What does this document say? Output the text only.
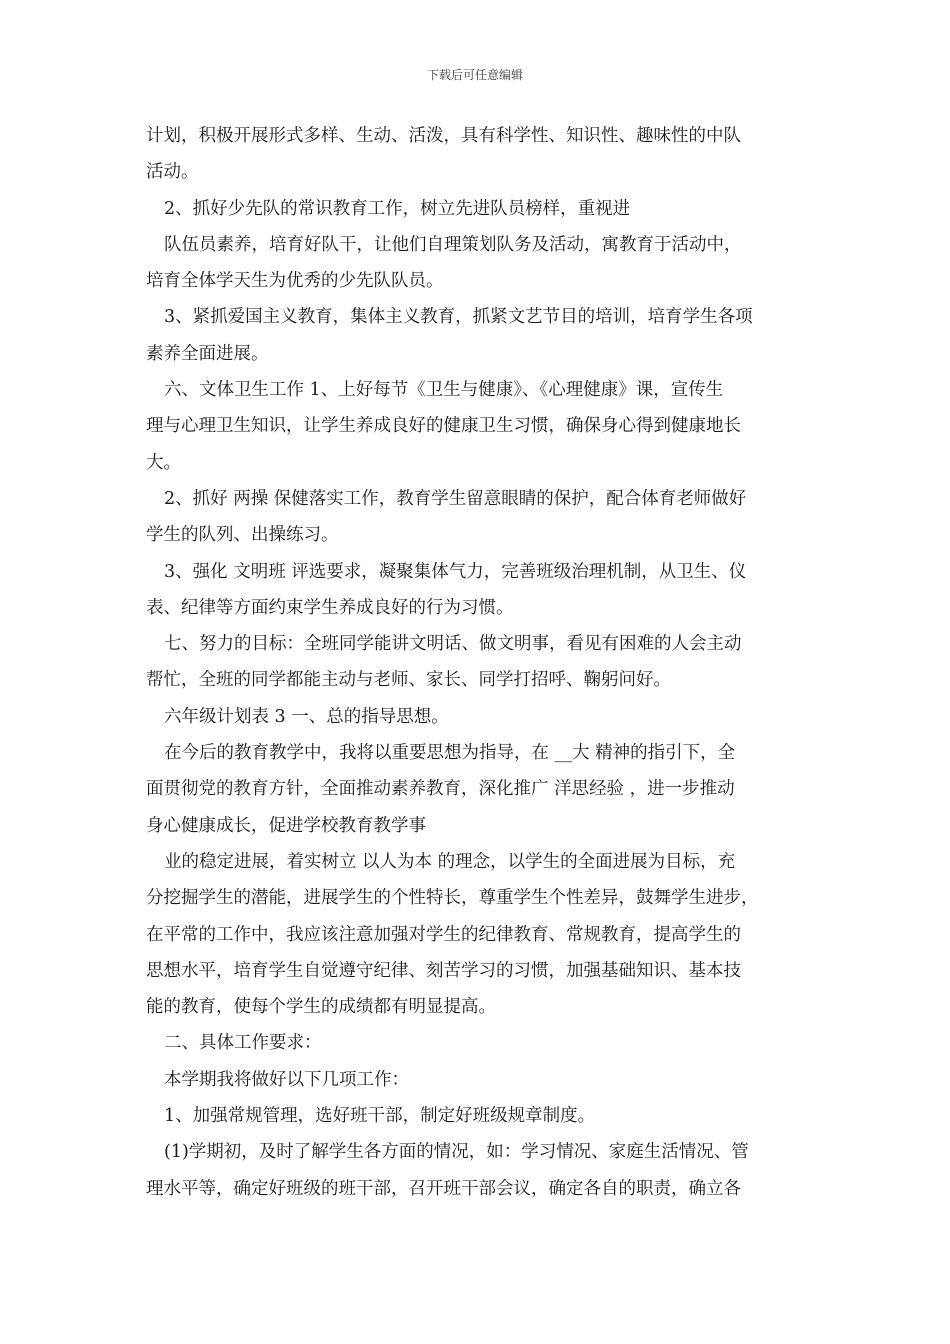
下载后可任意编辑
计划，积极开展形式多样、生动、活泼，具有科学性、知识性、趣味性的中队
活动。
2、抓好少先队的常识教育工作，树立先进队员榜样，重视进
队伍员素养，培育好队干，让他们自理策划队务及活动，寓教育于活动中，
培育全体学天生为优秀的少先队队员。
3、紧抓爱国主义教育，集体主义教育，抓紧文艺节目的培训，培育学生各项
素养全面进展。
六、文体卫生工作 1、上好每节《卫生与健康》、《心理健康》课，宣传生
理与心理卫生知识，让学生养成良好的健康卫生习惯，确保身心得到健康地长
大。
2、抓好 两操 保健落实工作，教育学生留意眼睛的保护，配合体育老师做好
学生的队列、出操练习。
3、强化 文明班 评选要求，凝聚集体气力，完善班级治理机制，从卫生、仪
表、纪律等方面约束学生养成良好的行为习惯。
七、努力的目标：全班同学能讲文明话、做文明事，看见有困难的人会主动
帮忙，全班的同学都能主动与老师、家长、同学打招呼、鞠躬问好。
六年级计划表 3 一、总的指导思想。
在今后的教育教学中，我将以重要思想为指导，在 __大 精神的指引下，全
面贯彻党的教育方针，全面推动素养教育，深化推广 洋思经验 ，进一步推动
身心健康成长，促进学校教育教学事
业的稳定进展，着实树立 以人为本 的理念，以学生的全面进展为目标，充
分挖掘学生的潜能，进展学生的个性特长，尊重学生个性差异，鼓舞学生进步，
在平常的工作中，我应该注意加强对学生的纪律教育、常规教育，提高学生的
思想水平，培育学生自觉遵守纪律、刻苦学习的习惯，加强基础知识、基本技
能的教育，使每个学生的成绩都有明显提高。
二、具体工作要求：
本学期我将做好以下几项工作：
1、加强常规管理，选好班干部，制定好班级规章制度。
(1)学期初，及时了解学生各方面的情况，如：学习情况、家庭生活情况、管
理水平等，确定好班级的班干部，召开班干部会议，确定各自的职责，确立各
